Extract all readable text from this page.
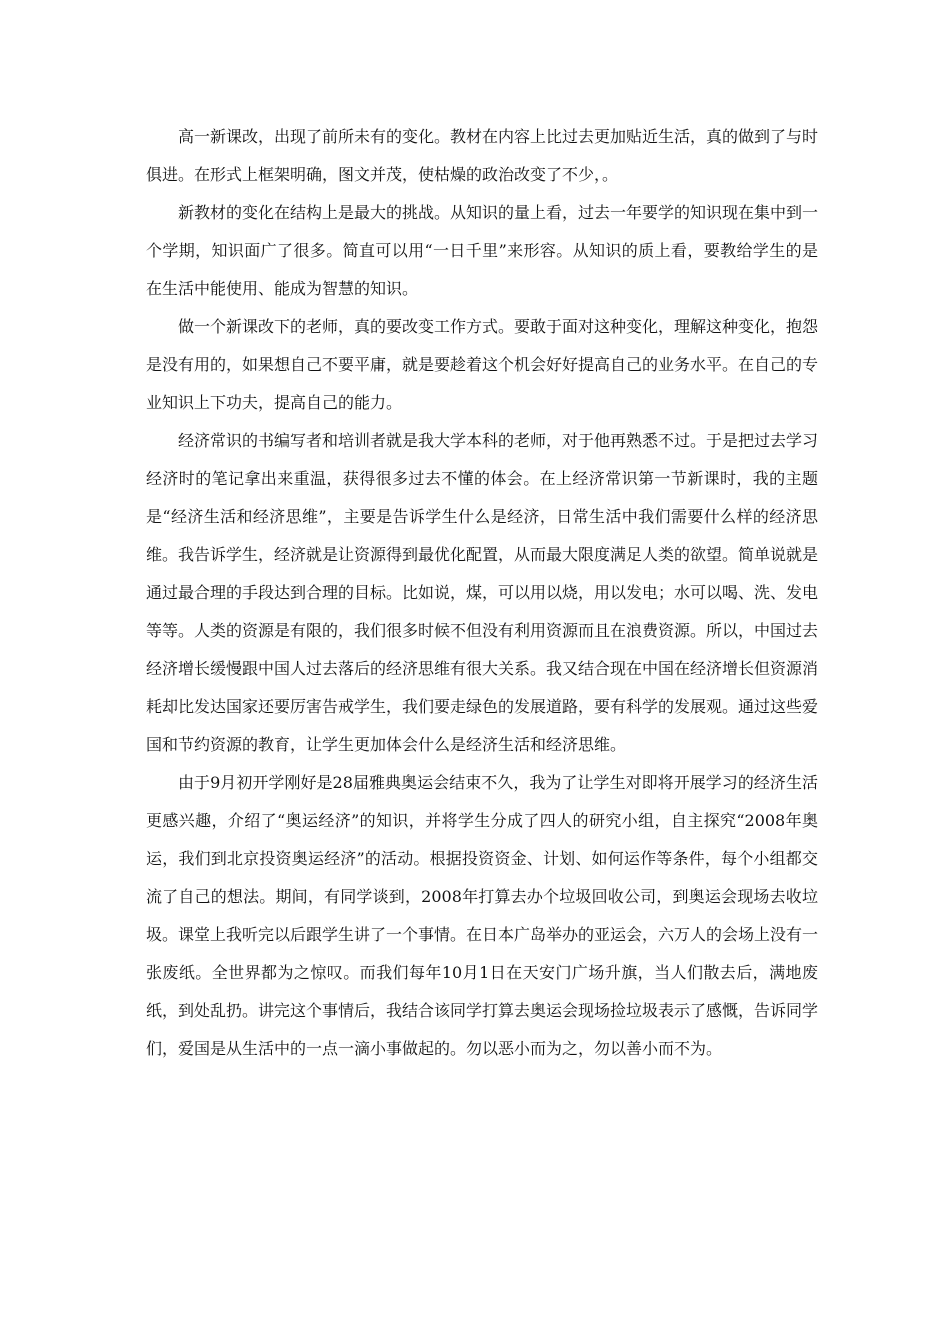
高一新课改，出现了前所未有的变化。教材在内容上比过去更加贴近生活，真的做到了与时俱进。在形式上框架明确，图文并茂，使枯燥的政治改变了不少，。

新教材的变化在结构上是最大的挑战。从知识的量上看，过去一年要学的知识现在集中到一个学期，知识面广了很多。简直可以用“一日千里”来形容。从知识的质上看，要教给学生的是在生活中能使用、能成为智慧的知识。

做一个新课改下的老师，真的要改变工作方式。要敢于面对这种变化，理解这种变化，抱怨是没有用的，如果想自己不要平庸，就是要趁着这个机会好好提高自己的业务水平。在自己的专业知识上下功夫，提高自己的能力。

经济常识的书编写者和培训者就是我大学本科的老师，对于他再熟悉不过。于是把过去学习经济时的笔记拿出来重温，获得很多过去不懂的体会。在上经济常识第一节新课时，我的主题是“经济生活和经济思维”，主要是告诉学生什么是经济，日常生活中我们需要什么样的经济思维。我告诉学生，经济就是让资源得到最优化配置，从而最大限度满足人类的欲望。简单说就是通过最合理的手段达到合理的目标。比如说，煤，可以用以烧，用以发电；水可以喝、洗、发电等等。人类的资源是有限的，我们很多时候不但没有利用资源而且在浪费资源。所以，中国过去经济增长缓慢跟中国人过去落后的经济思维有很大关系。我又结合现在中国在经济增长但资源消耗却比发达国家还要厉害告戒学生，我们要走绿色的发展道路，要有科学的发展观。通过这些爱国和节约资源的教育，让学生更加体会什么是经济生活和经济思维。

由于9月初开学刚好是28届雅典奥运会结束不久，我为了让学生对即将开展学习的经济生活更感兴趣，介绍了“奥运经济”的知识，并将学生分成了四人的研究小组，自主探究“2008年奥运，我们到北京投资奥运经济”的活动。根据投资资金、计划、如何运作等条件，每个小组都交流了自己的想法。期间，有同学谈到，2008年打算去办个垃圾回收公司，到奥运会现场去收垃圾。课堂上我听完以后跟学生讲了一个事情。在日本广岛举办的亚运会，六万人的会场上没有一张废纸。全世界都为之惊叹。而我们每年10月1日在天安门广场升旗，当人们散去后，满地废纸，到处乱扔。讲完这个事情后，我结合该同学打算去奥运会现场捡垃圾表示了感慨，告诉同学们，爱国是从生活中的一点一滴小事做起的。勿以恶小而为之，勿以善小而不为。
